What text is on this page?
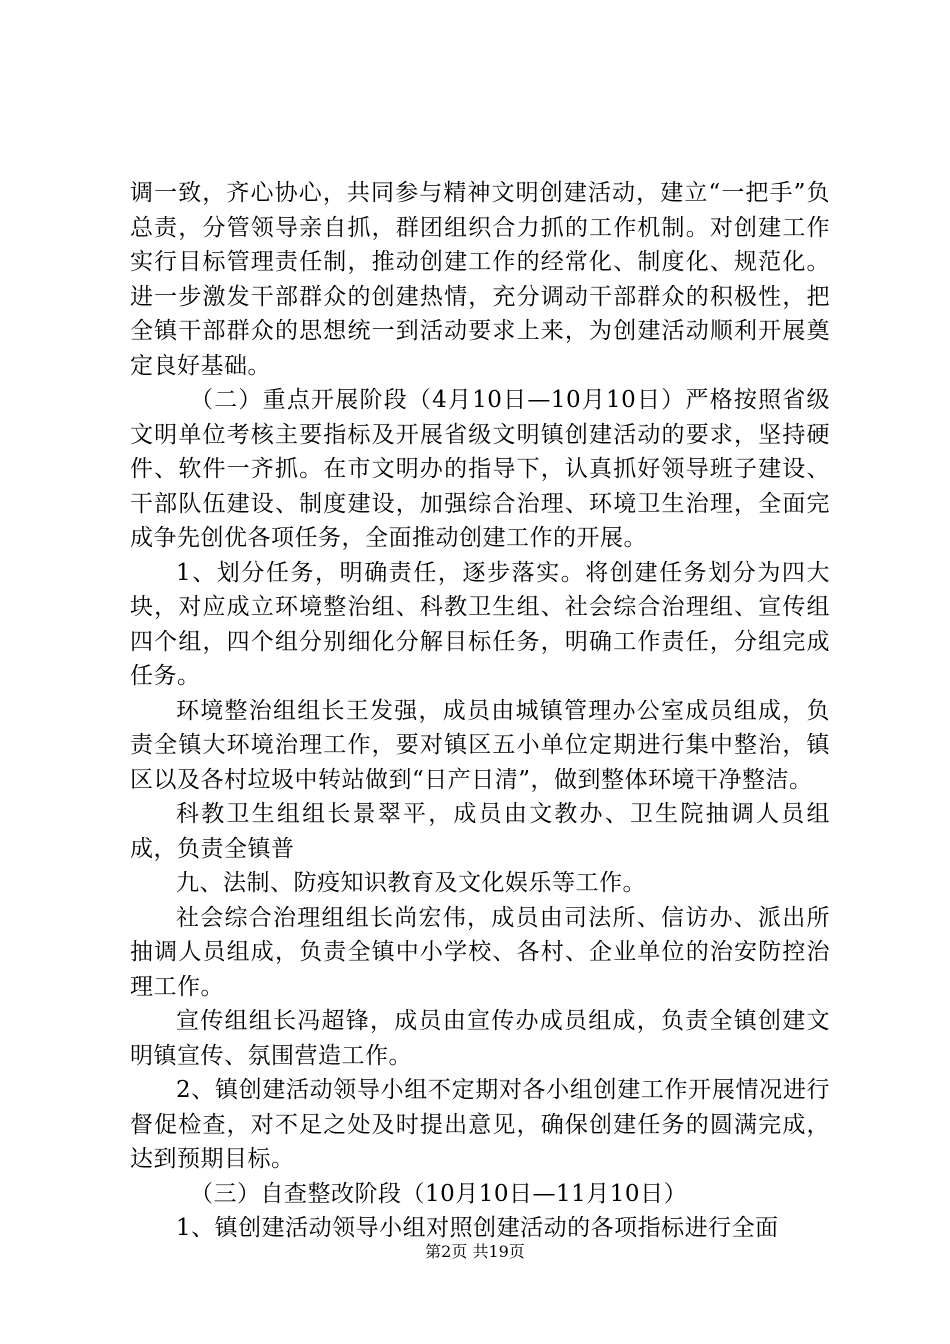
调一致，齐心协心，共同参与精神文明创建活动，建立“一把手”负总责，分管领导亲自抓，群团组织合力抓的工作机制。对创建工作实行目标管理责任制，推动创建工作的经常化、制度化、规范化。进一步激发干部群众的创建热情，充分调动干部群众的积极性，把全镇干部群众的思想统一到活动要求上来，为创建活动顺利开展奠定良好基础。

（二）重点开展阶段（4月10日—10月10日）严格按照省级文明单位考核主要指标及开展省级文明镇创建活动的要求，坚持硬件、软件一齐抓。在市文明办的指导下，认真抓好领导班子建设、干部队伍建设、制度建设，加强综合治理、环境卫生治理，全面完成争先创优各项任务，全面推动创建工作的开展。

1、划分任务，明确责任，逐步落实。将创建任务划分为四大块，对应成立环境整治组、科教卫生组、社会综合治理组、宣传组四个组，四个组分别细化分解目标任务，明确工作责任，分组完成任务。

环境整治组组长王发强，成员由城镇管理办公室成员组成，负责全镇大环境治理工作，要对镇区五小单位定期进行集中整治，镇区以及各村垃圾中转站做到“日产日清”，做到整体环境干净整洁。

科教卫生组组长景翠平，成员由文教办、卫生院抽调人员组成，负责全镇普

九、法制、防疫知识教育及文化娱乐等工作。

社会综合治理组组长尚宏伟，成员由司法所、信访办、派出所抽调人员组成，负责全镇中小学校、各村、企业单位的治安防控治理工作。

宣传组组长冯超锋，成员由宣传办成员组成，负责全镇创建文明镇宣传、氛围营造工作。

2、镇创建活动领导小组不定期对各小组创建工作开展情况进行督促检查，对不足之处及时提出意见，确保创建任务的圆满完成，达到预期目标。

（三）自查整改阶段（10月10日—11月10日）

1、镇创建活动领导小组对照创建活动的各项指标进行全面

第2页 共19页
